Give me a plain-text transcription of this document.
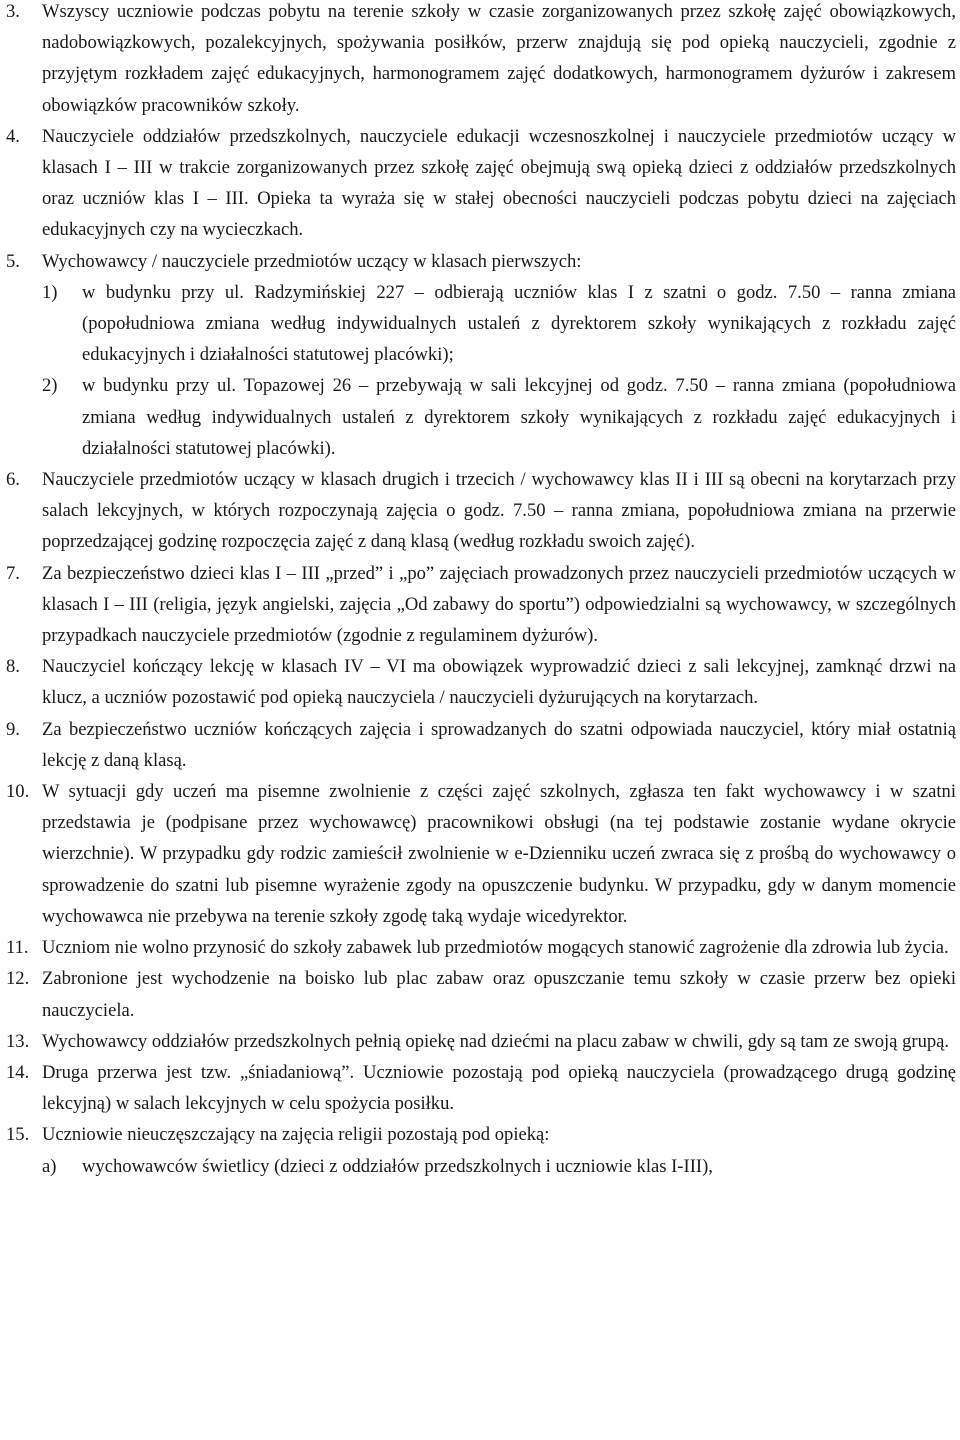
3.	Wszyscy uczniowie podczas pobytu na terenie szkoły w czasie zorganizowanych przez szkołę zajęć obowiązkowych, nadobowiązkowych, pozalekcyjnych, spożywania posiłków, przerw znajdują się pod opieką nauczycieli, zgodnie z przyjętym rozkładem zajęć edukacyjnych, harmonogramem zajęć dodatkowych, harmonogramem dyżurów i zakresem obowiązków pracowników szkoły.
4.	Nauczyciele oddziałów przedszkolnych, nauczyciele edukacji wczesnoszkolnej i nauczyciele przedmiotów uczący w klasach I – III w trakcie zorganizowanych przez szkołę zajęć obejmują swą opieką dzieci z oddziałów przedszkolnych oraz uczniów klas I – III. Opieka ta wyraża się w stałej obecności nauczycieli podczas pobytu dzieci na zajęciach edukacyjnych czy na wycieczkach.
5.	Wychowawcy / nauczyciele przedmiotów uczący w klasach pierwszych:
1)	w budynku przy ul. Radzymińskiej 227 – odbierają uczniów klas I z szatni o godz. 7.50 – ranna zmiana (popołudniowa zmiana według indywidualnych ustaleń z dyrektorem szkoły wynikających z rozkładu zajęć edukacyjnych i działalności statutowej placówki);
2)	w budynku przy ul. Topazowej 26 – przebywają w sali lekcyjnej od godz. 7.50 – ranna zmiana (popołudniowa zmiana według indywidualnych ustaleń z dyrektorem szkoły wynikających z rozkładu zajęć edukacyjnych i działalności statutowej placówki).
6.	Nauczyciele przedmiotów uczący w klasach drugich i trzecich / wychowawcy klas II i III są obecni na korytarzach przy salach lekcyjnych, w których rozpoczynają zajęcia o godz. 7.50 – ranna zmiana, popołudniowa zmiana na przerwie poprzedzającej godzinę rozpoczęcia zajęć z daną klasą (według rozkładu swoich zajęć).
7.	Za bezpieczeństwo dzieci klas I – III „przed” i „po” zajęciach prowadzonych przez nauczycieli przedmiotów uczących w klasach I – III (religia, język angielski, zajęcia „Od zabawy do sportu”) odpowiedzialni są wychowawcy, w szczególnych przypadkach nauczyciele przedmiotów (zgodnie z regulaminem dyżurów).
8.	Nauczyciel kończący lekcję w klasach IV – VI ma obowiązek wyprowadzić dzieci z sali lekcyjnej, zamknąć drzwi na klucz, a uczniów pozostawić pod opieką nauczyciela / nauczycieli dyżurujących na korytarzach.
9.	Za bezpieczeństwo uczniów kończących zajęcia i sprowadzanych do szatni odpowiada nauczyciel, który miał ostatnią lekcję z daną klasą.
10. W sytuacji gdy uczeń ma pisemne zwolnienie z części zajęć szkolnych, zgłasza ten fakt wychowawcy i w szatni przedstawia je (podpisane przez wychowawcę) pracownikowi obsługi (na tej podstawie zostanie wydane okrycie wierzchnie). W przypadku gdy rodzic zamieścił zwolnienie w e-Dzienniku uczeń zwraca się z prośbą do wychowawcy o sprowadzenie do szatni lub pisemne wyrażenie zgody na opuszczenie budynku. W przypadku, gdy w danym momencie wychowawca nie przebywa na terenie szkoły zgodę taką wydaje wicedyrektor.
11. Uczniom nie wolno przynosić do szkoły zabawek lub przedmiotów mogących stanowić zagrożenie dla zdrowia lub życia.
12. Zabronione jest wychodzenie na boisko lub plac zabaw oraz opuszczanie temu szkoły w czasie przerw bez opieki nauczyciela.
13. Wychowawcy oddziałów przedszkolnych pełnią opiekę nad dziećmi na placu zabaw w chwili, gdy są tam ze swoją grupą.
14. Druga przerwa jest tzw. „śniadaniową”. Uczniowie pozostają pod opieką nauczyciela (prowadzącego drugą godzinę lekcyjną) w salach lekcyjnych w celu spożycia posiłku.
15. Uczniowie nieuczęszczający na zajęcia religii pozostają pod opieką:
a)	wychowawców świetlicy (dzieci z oddziałów przedszkolnych i uczniowie klas I-III),
